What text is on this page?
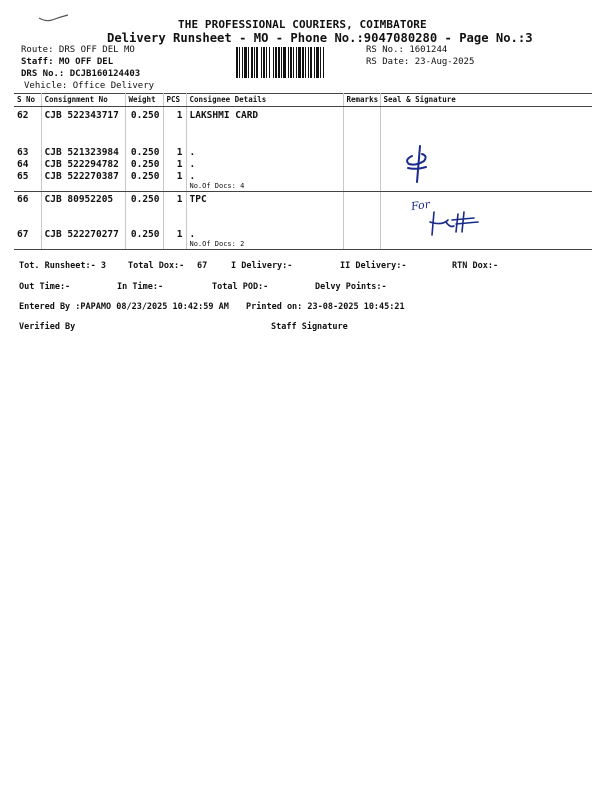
THE PROFESSIONAL COURIERS, COIMBATORE
Delivery Runsheet - MO - Phone No.:9047080280 - Page No.:3
Route: DRS OFF DEL MO
Staff: MO OFF DEL
DRS No.: DCJB160124403
Vehicle: Office Delivery
RS No.: 1601244
RS Date: 23-Aug-2025
S No	Consignment No	Weight	PCS	Consignee Details	Remarks	Seal & Signature
62	CJB 522343717	0.250	1	LAKSHMI CARD		
63	CJB 521323984	0.250	1	.		
64	CJB 522294782	0.250	1	.		
65	CJB 522270387	0.250	1	.
No.Of Docs: 4		

66	CJB 80952205	0.250	1	TPC		
67	CJB 522270277	0.250	1	.
No.Of Docs: 2		

For
Tot. Runsheet:- 3	Total Dox:- 67	I Delivery:-	II Delivery:-	RTN Dox:-
Out Time:-	In Time:-	Total POD:-	Delvy Points:-
Entered By :PAPAMO 08/23/2025 10:42:59 AM Printed on: 23-08-2025 10:45:21
Verified By	Staff Signature
